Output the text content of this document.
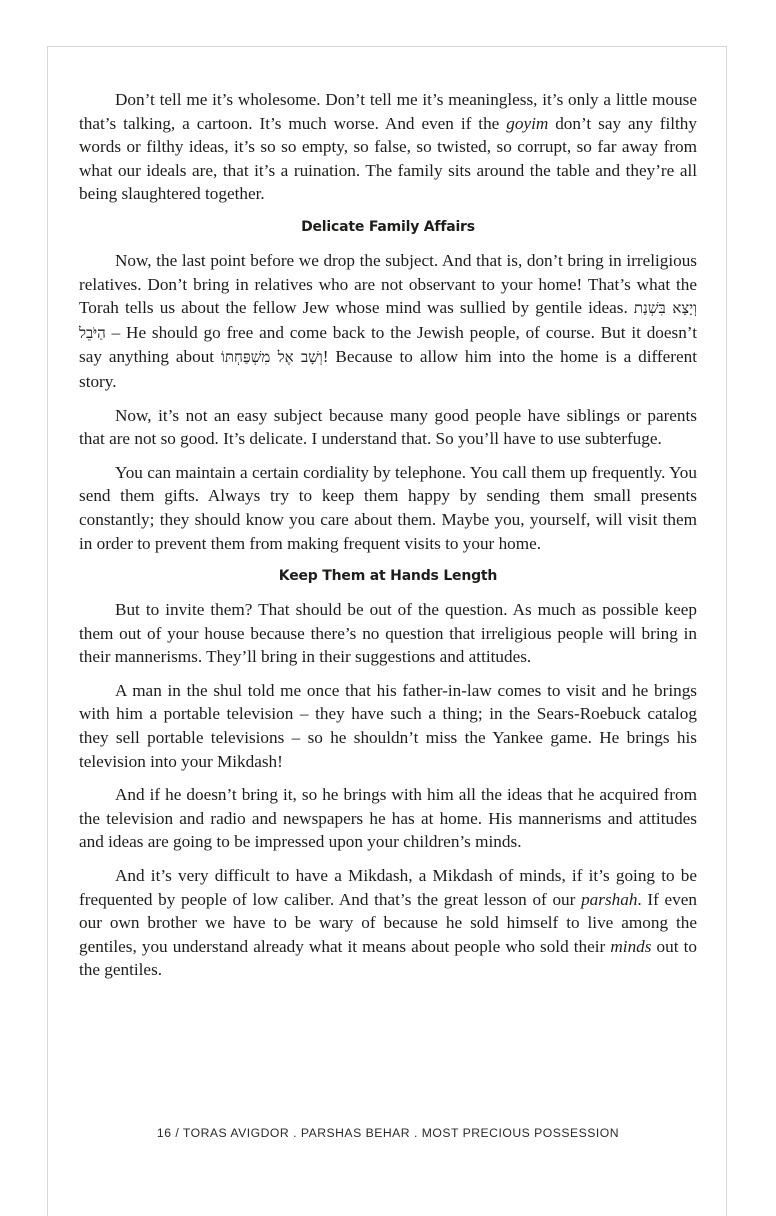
Don’t tell me it’s wholesome. Don’t tell me it’s meaningless, it’s only a little mouse that’s talking, a cartoon. It’s much worse. And even if the goyim don’t say any filthy words or filthy ideas, it’s so so empty, so false, so twisted, so corrupt, so far away from what our ideals are, that it’s a ruination. The family sits around the table and they’re all being slaughtered together.

Delicate Family Affairs

Now, the last point before we drop the subject. And that is, don’t bring in irreligious relatives. Don’t bring in relatives who are not observant to your home! That’s what the Torah tells us about the fellow Jew whose mind was sullied by gentile ideas. וְיָצָא בִּשְׁנַת הַיֹּבֵל – He should go free and come back to the Jewish people, of course. But it doesn’t say anything about וְשָׁב אֶל מִשְׁפַּחְתּוֹ! Because to allow him into the home is a different story.

Now, it’s not an easy subject because many good people have siblings or parents that are not so good. It’s delicate. I understand that. So you’ll have to use subterfuge.

You can maintain a certain cordiality by telephone. You call them up frequently. You send them gifts. Always try to keep them happy by sending them small presents constantly; they should know you care about them. Maybe you, yourself, will visit them in order to prevent them from making frequent visits to your home.

Keep Them at Hands Length

But to invite them? That should be out of the question. As much as possible keep them out of your house because there’s no question that irreligious people will bring in their mannerisms. They’ll bring in their suggestions and attitudes.

A man in the shul told me once that his father-in-law comes to visit and he brings with him a portable television – they have such a thing; in the Sears-Roebuck catalog they sell portable televisions – so he shouldn’t miss the Yankee game. He brings his television into your Mikdash!

And if he doesn’t bring it, so he brings with him all the ideas that he acquired from the television and radio and newspapers he has at home. His mannerisms and attitudes and ideas are going to be impressed upon your children’s minds.

And it’s very difficult to have a Mikdash, a Mikdash of minds, if it’s going to be frequented by people of low caliber. And that’s the great lesson of our parshah. If even our own brother we have to be wary of because he sold himself to live among the gentiles, you understand already what it means about people who sold their minds out to the gentiles.

16 / TORAS AVIGDOR . PARSHAS BEHAR . MOST PRECIOUS POSSESSION
